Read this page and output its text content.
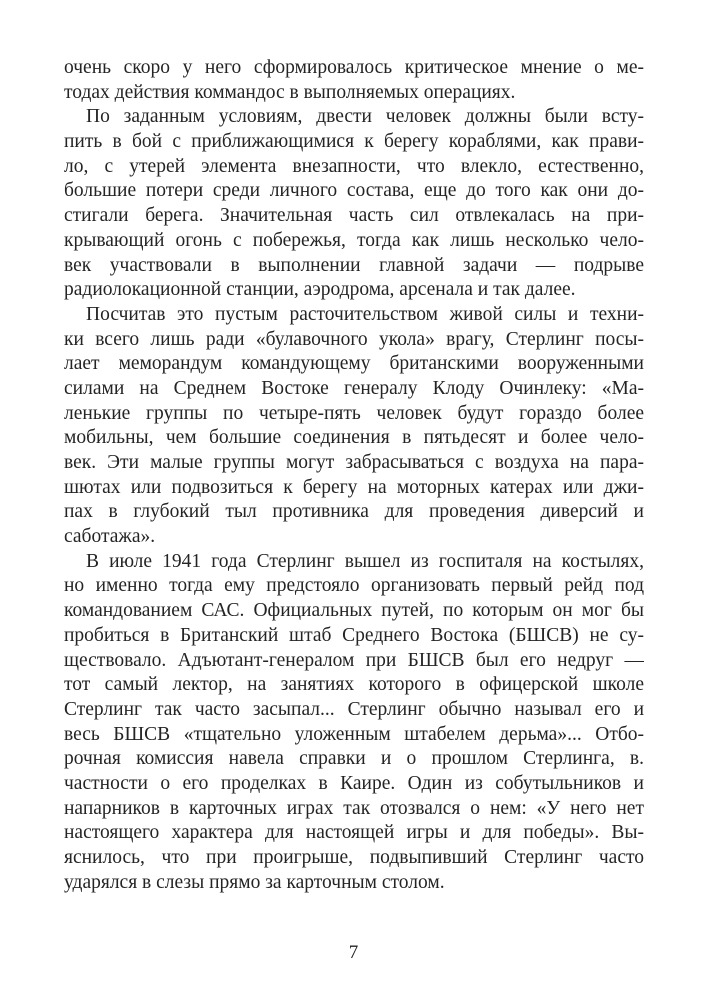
очень скоро у него сформировалось критическое мнение о ме-
тодах действия коммандос в выполняемых операциях.
По заданным условиям, двести человек должны были всту-
пить в бой с приближающимися к берегу кораблями, как прави-
ло, с утерей элемента внезапности, что влекло, естественно,
большие потери среди личного состава, еще до того как они до-
стигали берега. Значительная часть сил отвлекалась на при-
крывающий огонь с побережья, тогда как лишь несколько чело-
век участвовали в выполнении главной задачи — подрыве
радиолокационной станции, аэродрома, арсенала и так далее.
Посчитав это пустым расточительством живой силы и техни-
ки всего лишь ради «булавочного укола» врагу, Стерлинг посы-
лает меморандум командующему британскими вооруженными
силами на Среднем Востоке генералу Клоду Очинлеку: «Ма-
ленькие группы по четыре-пять человек будут гораздо более
мобильны, чем большие соединения в пятьдесят и более чело-
век. Эти малые группы могут забрасываться с воздуха на пара-
шютах или подвозиться к берегу на моторных катерах или джи-
пах в глубокий тыл противника для проведения диверсий и
саботажа».
В июле 1941 года Стерлинг вышел из госпиталя на костылях,
но именно тогда ему предстояло организовать первый рейд под
командованием САС. Официальных путей, по которым он мог бы
пробиться в Британский штаб Среднего Востока (БШСВ) не су-
ществовало. Адъютант-генералом при БШСВ был его недруг —
тот самый лектор, на занятиях которого в офицерской школе
Стерлинг так часто засыпал... Стерлинг обычно называл его и
весь БШСВ «тщательно уложенным штабелем дерьма»... Отбо-
рочная комиссия навела справки и о прошлом Стерлинга, в.
частности о его проделках в Каире. Один из собутыльников и
напарников в карточных играх так отозвался о нем: «У него нет
настоящего характера для настоящей игры и для победы». Вы-
яснилось, что при проигрыше, подвыпивший Стерлинг часто
ударялся в слезы прямо за карточным столом.
7
